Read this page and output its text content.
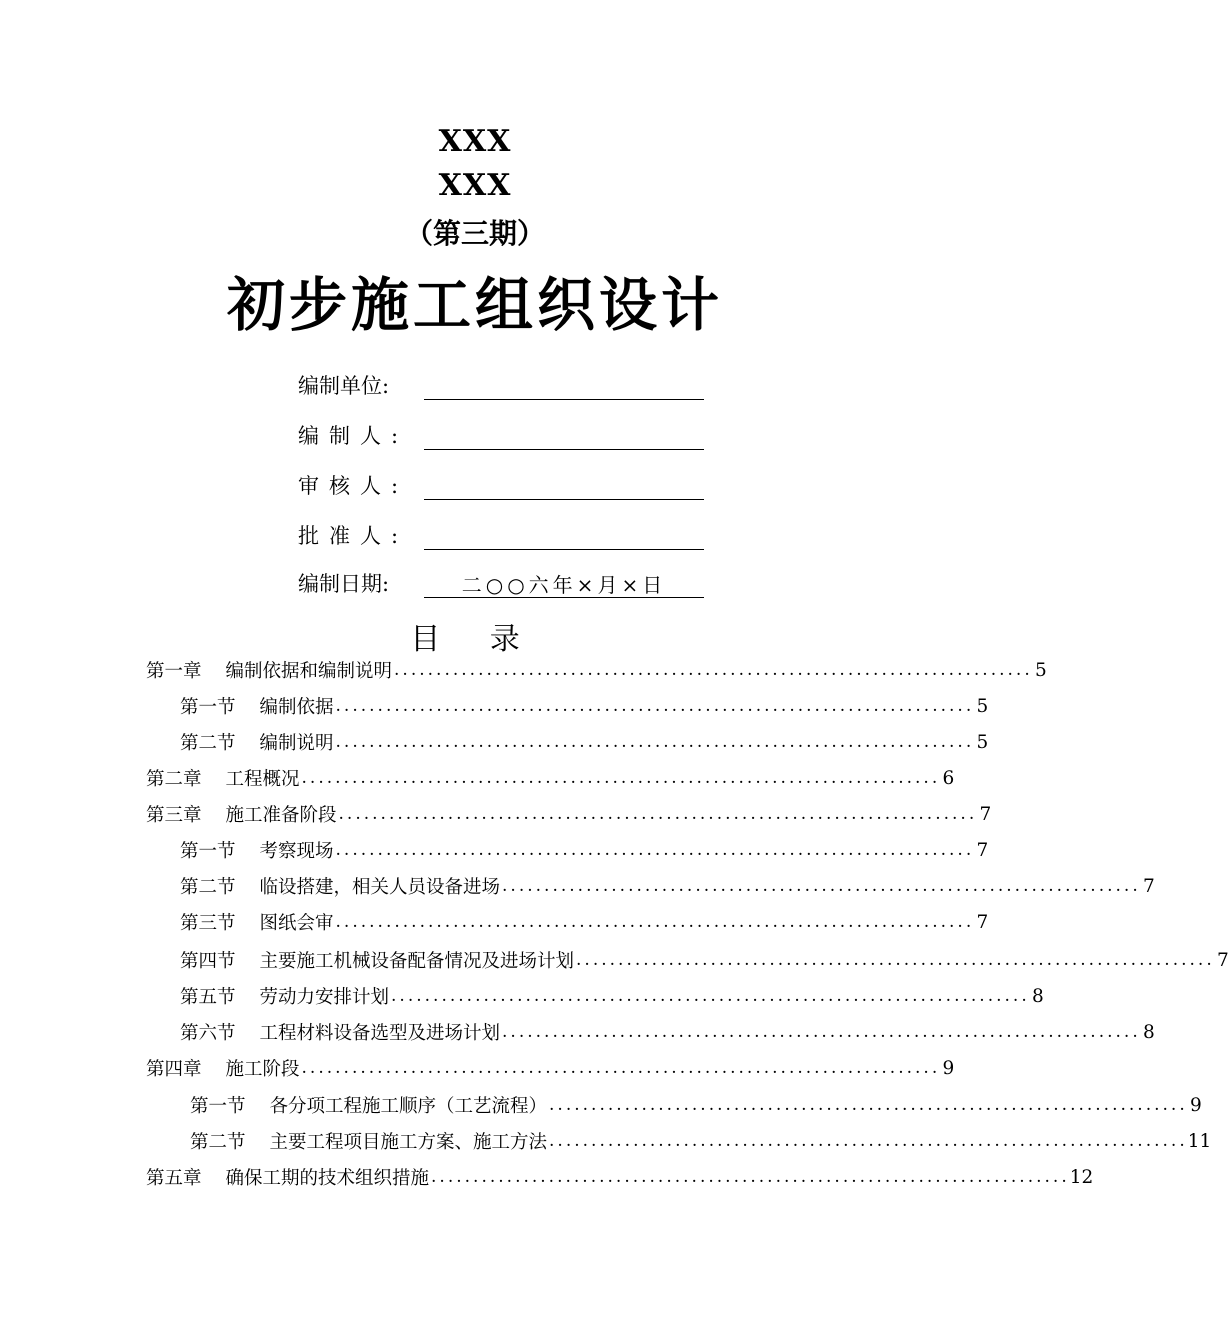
XXX
XXX
（第三期）
初步施工组织设计
编制单位:
编制人:
审核人:
批准人:
编制日期:	二○○六年×月×日
目 录
第一章 编制依据和编制说明 ............................................................................ 5
第一节 编制依据 ............................................................................ 5
第二节 编制说明 ............................................................................ 5
第二章 工程概况 ............................................................................ 6
第三章 施工准备阶段 ............................................................................ 7
第一节 考察现场 ............................................................................ 7
第二节 临设搭建，相关人员设备进场 ............................................................................ 7
第三节 图纸会审 ............................................................................ 7
第四节 主要施工机械设备配备情况及进场计划 ............................................................................ 7
第五节 劳动力安排计划 ............................................................................ 8
第六节 工程材料设备选型及进场计划 ............................................................................ 8
第四章 施工阶段 ............................................................................ 9
第一节 各分项工程施工顺序（工艺流程） ............................................................................ 9
第二节 主要工程项目施工方案、施工方法 ............................................................................ 11
第五章 确保工期的技术组织措施 ............................................................................ 12
